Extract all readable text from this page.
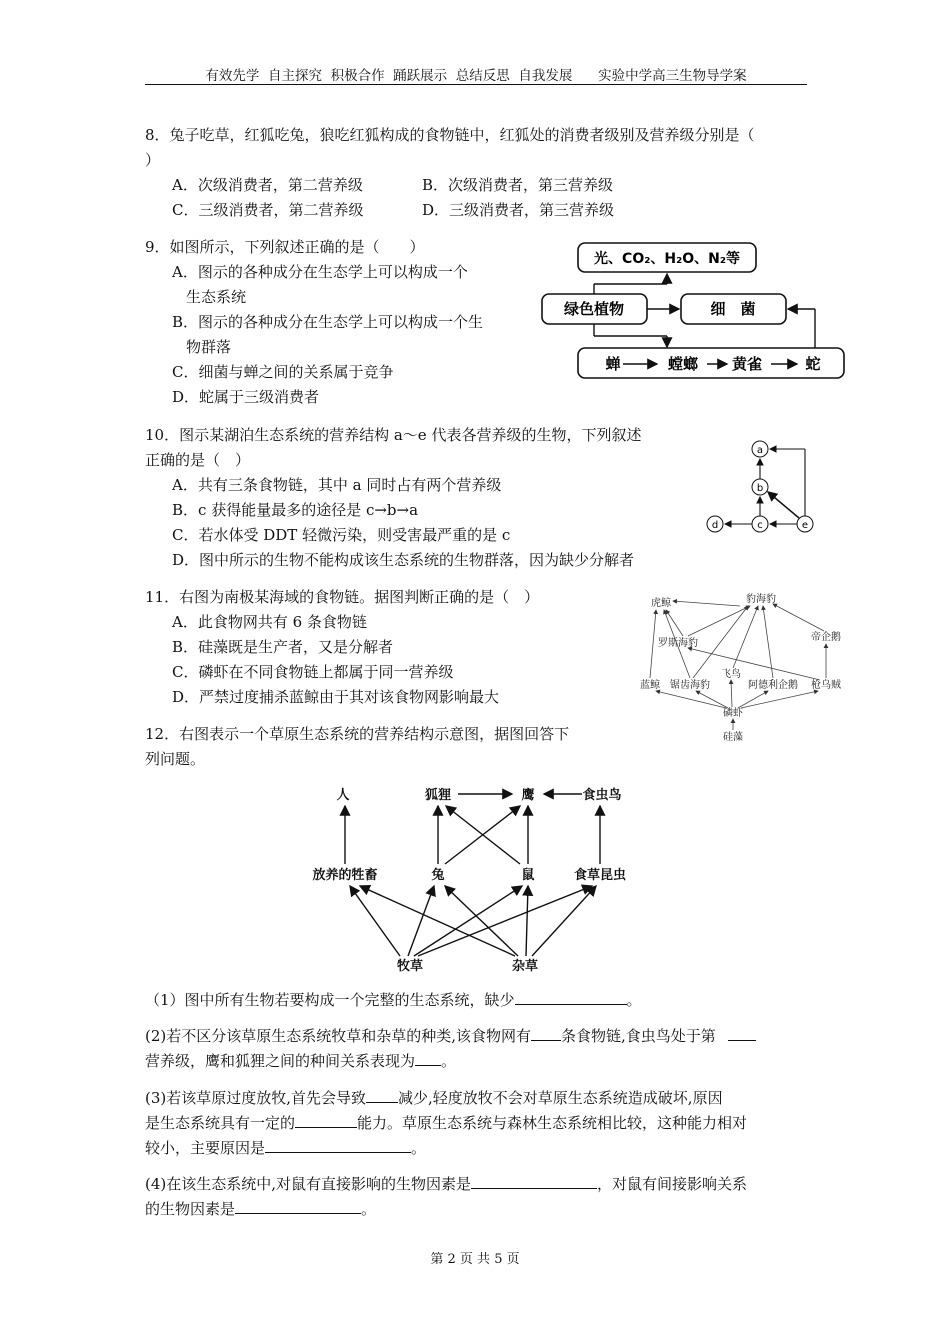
有效先学  自主探究  积极合作  踊跃展示  总结反思  自我发展      实验中学高三生物导学案
8．兔子吃草，红狐吃兔，狼吃红狐构成的食物链中，红狐处的消费者级别及营养级分别是（
）
A．次级消费者，第二营养级	B．次级消费者，第三营养级
C．三级消费者，第二营养级	D．三级消费者，第三营养级
9．如图所示，下列叙述正确的是（　　）
A．图示的各种成分在生态学上可以构成一个
生态系统
B．图示的各种成分在生态学上可以构成一个生
物群落
C．细菌与蝉之间的关系属于竞争
D．蛇属于三级消费者
光、CO₂、H₂O、N₂等
绿色植物	细　菌
蝉	螳螂 黄雀	蛇
10．图示某湖泊生态系统的营养结构 a～e 代表各营养级的生物，下列叙述
正确的是（　）
A．共有三条食物链，其中 a 同时占有两个营养级
B．c 获得能量最多的途径是 c→b→a
C．若水体受 DDT 轻微污染，则受害最严重的是 c
D．图中所示的生物不能构成该生态系统的生物群落，因为缺少分解者
a
b
c
d	e
11．右图为南极某海域的食物链。据图判断正确的是（　）
A．此食物网共有 6 条食物链
B．硅藻既是生产者，又是分解者
C．磷虾在不同食物链上都属于同一营养级
D．严禁过度捕杀蓝鲸由于其对该食物网影响最大
虎鲸	豹海豹
帝企鹅
罗斯海豹
飞鸟
蓝鲸 锯齿海豹	阿德利企鹅 枪乌贼
磷虾
硅藻
12．右图表示一个草原生态系统的营养结构示意图，据图回答下
列问题。
人	狐狸	鹰	食虫鸟
放养的牲畜	兔	鼠	食草昆虫
牧草	杂草
（1）图中所有生物若要构成一个完整的生态系统，缺少	。
(2)若不区分该草原生态系统牧草和杂草的种类,该食物网有 条食物链,食虫鸟处于第
营养级，鹰和狐狸之间的种间关系表现为 。
(3)若该草原过度放牧,首先会导致 减少,轻度放牧不会对草原生态系统造成破坏,原因
是生态系统具有一定的	能力。草原生态系统与森林生态系统相比较，这种能力相对
较小，主要原因是	。
(4)在该生态系统中,对鼠有直接影响的生物因素是	，对鼠有间接影响关系
的生物因素是	。
第 2 页 共 5 页
